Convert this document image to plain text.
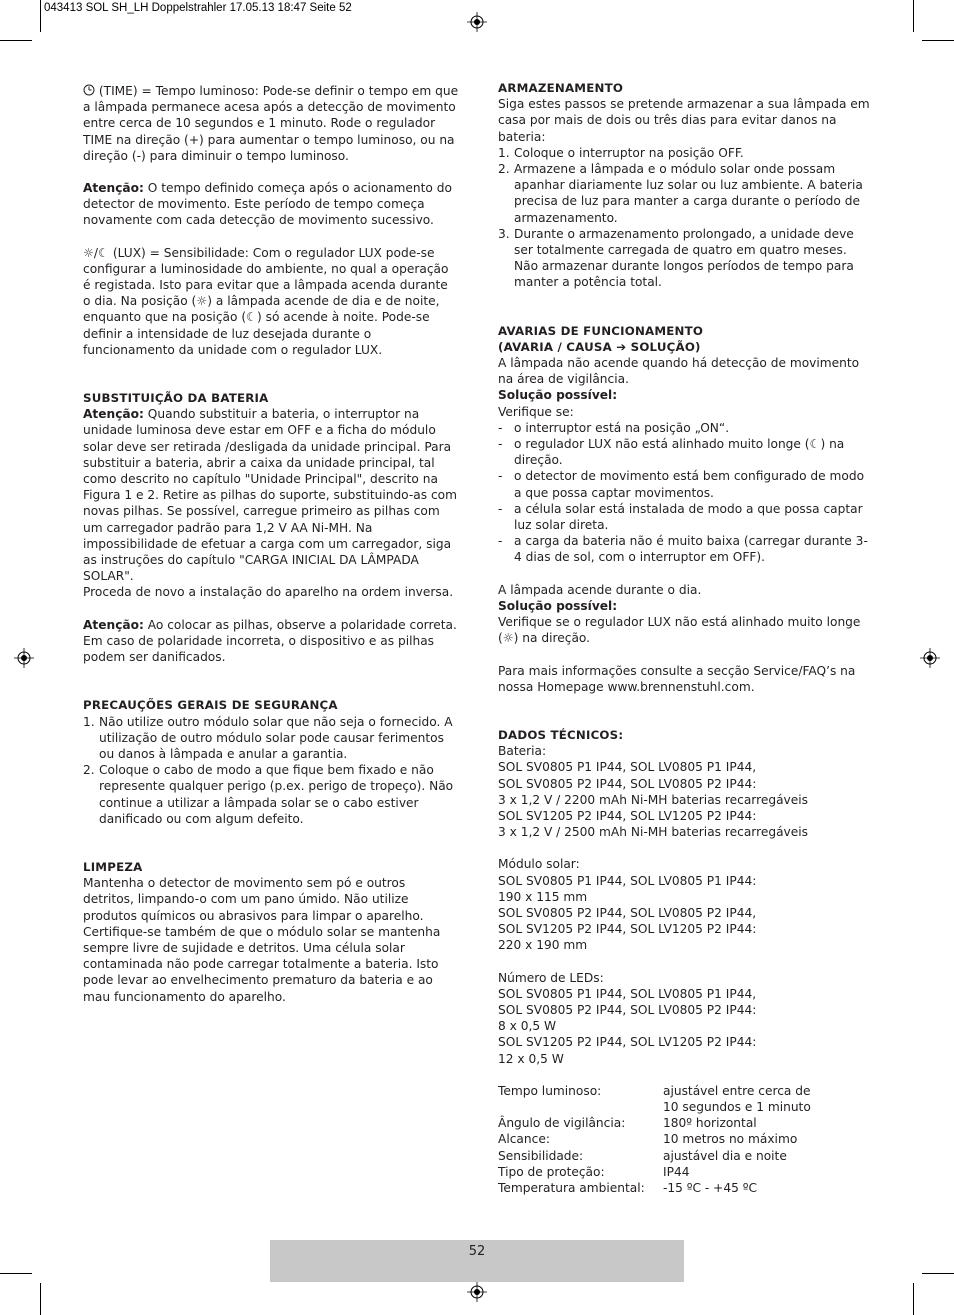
043413 SOL SH_LH Doppelstrahler 17.05.13 18:47 Seite 52

(TIME) = Tempo luminoso: Pode-se definir o tempo em que a lâmpada permanece acesa após a detecção de movimento entre cerca de 10 segundos e 1 minuto. Rode o regulador TIME na direção (+) para aumentar o tempo luminoso, ou na direção (-) para diminuir o tempo luminoso.

Atenção: O tempo definido começa após o acionamento do detector de movimento. Este período de tempo começa novamente com cada detecção de movimento sucessivo.

☼/☾ (LUX) = Sensibilidade: Com o regulador LUX pode-se configurar a luminosidade do ambiente, no qual a operação é registada. Isto para evitar que a lâmpada acenda durante o dia. Na posição (☼) a lâmpada acende de dia e de noite, enquanto que na posição (☾) só acende à noite. Pode-se definir a intensidade de luz desejada durante o funcionamento da unidade com o regulador LUX.

SUBSTITUIÇÃO DA BATERIA

Atenção: Quando substituir a bateria, o interruptor na unidade luminosa deve estar em OFF e a ficha do módulo solar deve ser retirada /desligada da unidade principal. Para substituir a bateria, abrir a caixa da unidade principal, tal como descrito no capítulo "Unidade Principal", descrito na Figura 1 e 2. Retire as pilhas do suporte, substituindo-as com novas pilhas. Se possível, carregue primeiro as pilhas com um carregador padrão para 1,2 V AA Ni-MH. Na impossibilidade de efetuar a carga com um carregador, siga as instruções do capítulo "CARGA INICIAL DA LÂMPADA SOLAR".

Proceda de novo a instalação do aparelho na ordem inversa.

Atenção: Ao colocar as pilhas, observe a polaridade correta. Em caso de polaridade incorreta, o dispositivo e as pilhas podem ser danificados.

PRECAUÇÕES GERAIS DE SEGURANÇA

1. Não utilize outro módulo solar que não seja o fornecido. A utilização de outro módulo solar pode causar ferimentos ou danos à lâmpada e anular a garantia.
2. Coloque o cabo de modo a que fique bem fixado e não represente qualquer perigo (p.ex. perigo de tropeço). Não continue a utilizar a lâmpada solar se o cabo estiver danificado ou com algum defeito.

LIMPEZA

Mantenha o detector de movimento sem pó e outros detritos, limpando-o com um pano úmido. Não utilize produtos químicos ou abrasivos para limpar o aparelho. Certifique-se também de que o módulo solar se mantenha sempre livre de sujidade e detritos. Uma célula solar contaminada não pode carregar totalmente a bateria. Isto pode levar ao envelhecimento prematuro da bateria e ao mau funcionamento do aparelho.

ARMAZENAMENTO

Siga estes passos se pretende armazenar a sua lâmpada em casa por mais de dois ou três dias para evitar danos na bateria:

1. Coloque o interruptor na posição OFF.
2. Armazene a lâmpada e o módulo solar onde possam apanhar diariamente luz solar ou luz ambiente. A bateria precisa de luz para manter a carga durante o período de armazenamento.
3. Durante o armazenamento prolongado, a unidade deve ser totalmente carregada de quatro em quatro meses. Não armazenar durante longos períodos de tempo para manter a potência total.

AVARIAS DE FUNCIONAMENTO

(AVARIA / CAUSA ➔ SOLUÇÃO)

A lâmpada não acende quando há detecção de movimento na área de vigilância.

Solução possível:

Verifique se:

- o interruptor está na posição „ON“.
- o regulador LUX não está alinhado muito longe (☾) na direção.
- o detector de movimento está bem configurado de modo a que possa captar movimentos.
- a célula solar está instalada de modo a que possa captar luz solar direta.
- a carga da bateria não é muito baixa (carregar durante 3-4 dias de sol, com o interruptor em OFF).

A lâmpada acende durante o dia.

Solução possível:

Verifique se o regulador LUX não está alinhado muito longe (☼) na direção.

Para mais informações consulte a secção Service/FAQ’s na nossa Homepage www.brennenstuhl.com.

DADOS TÉCNICOS:

Bateria:

SOL SV0805 P1 IP44, SOL LV0805 P1 IP44,

SOL SV0805 P2 IP44, SOL LV0805 P2 IP44:

3 x 1,2 V / 2200 mAh Ni-MH baterias recarregáveis

SOL SV1205 P2 IP44, SOL LV1205 P2 IP44:

3 x 1,2 V / 2500 mAh Ni-MH baterias recarregáveis

Módulo solar:

SOL SV0805 P1 IP44, SOL LV0805 P1 IP44:

190 x 115 mm

SOL SV0805 P2 IP44, SOL LV0805 P2 IP44,

SOL SV1205 P2 IP44, SOL LV1205 P2 IP44:

220 x 190 mm

Número de LEDs:

SOL SV0805 P1 IP44, SOL LV0805 P1 IP44,

SOL SV0805 P2 IP44, SOL LV0805 P2 IP44:

8 x 0,5 W

SOL SV1205 P2 IP44, SOL LV1205 P2 IP44:

12 x 0,5 W

Tempo luminoso:	ajustável entre cerca de 10 segundos e 1 minuto
Ângulo de vigilância:	180º horizontal
Alcance:	10 metros no máximo
Sensibilidade:	ajustável dia e noite
Tipo de proteção:	IP44
Temperatura ambiental:	-15 ºC - +45 ºC
52
